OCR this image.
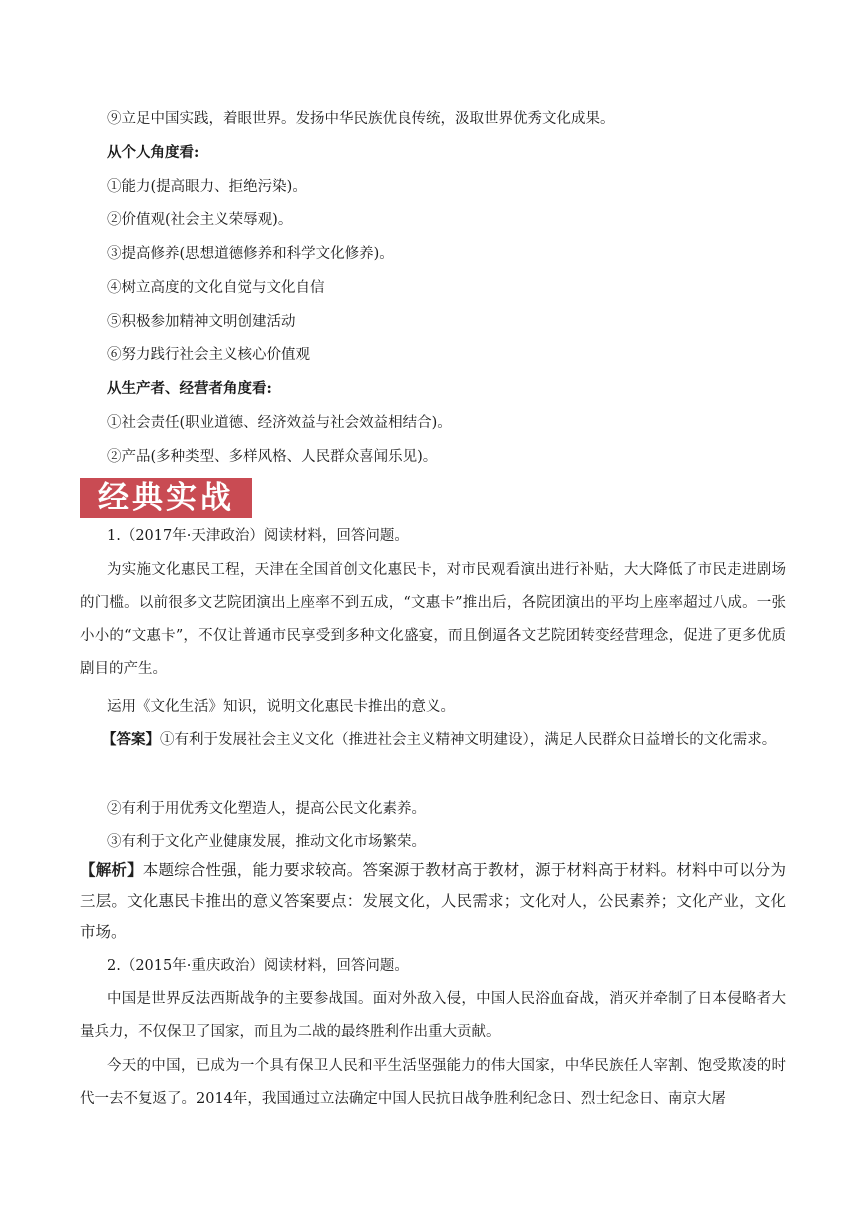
⑨立足中国实践，着眼世界。发扬中华民族优良传统，汲取世界优秀文化成果。
从个人角度看:
①能力(提高眼力、拒绝污染)。
②价值观(社会主义荣辱观)。
③提高修养(思想道德修养和科学文化修养)。
④树立高度的文化自觉与文化自信
⑤积极参加精神文明创建活动
⑥努力践行社会主义核心价值观
从生产者、经营者角度看:
①社会责任(职业道德、经济效益与社会效益相结合)。
②产品(多种类型、多样风格、人民群众喜闻乐见)。
经典实战
1.（2017年·天津政治）阅读材料，回答问题。

为实施文化惠民工程，天津在全国首创文化惠民卡，对市民观看演出进行补贴，大大降低了市民走进剧场的门槛。以前很多文艺院团演出上座率不到五成，“文惠卡”推出后，各院团演出的平均上座率超过八成。一张小小的“文惠卡”，不仅让普通市民享受到多种文化盛宴，而且倒逼各文艺院团转变经营理念，促进了更多优质剧目的产生。

运用《文化生活》知识，说明文化惠民卡推出的意义。

【答案】①有利于发展社会主义文化（推进社会主义精神文明建设），满足人民群众日益增长的文化需求。

②有利于用优秀文化塑造人，提高公民文化素养。
③有利于文化产业健康发展，推动文化市场繁荣。

【解析】本题综合性强，能力要求较高。答案源于教材高于教材，源于材料高于材料。材料中可以分为三层。文化惠民卡推出的意义答案要点：发展文化，人民需求；文化对人，公民素养；文化产业，文化市场。

2.（2015年·重庆政治）阅读材料，回答问题。

中国是世界反法西斯战争的主要参战国。面对外敌入侵，中国人民浴血奋战，消灭并牵制了日本侵略者大量兵力，不仅保卫了国家，而且为二战的最终胜利作出重大贡献。

今天的中国，已成为一个具有保卫人民和平生活坚强能力的伟大国家，中华民族任人宰割、饱受欺凌的时代一去不复返了。2014年，我国通过立法确定中国人民抗日战争胜利纪念日、烈士纪念日、南京大屠
